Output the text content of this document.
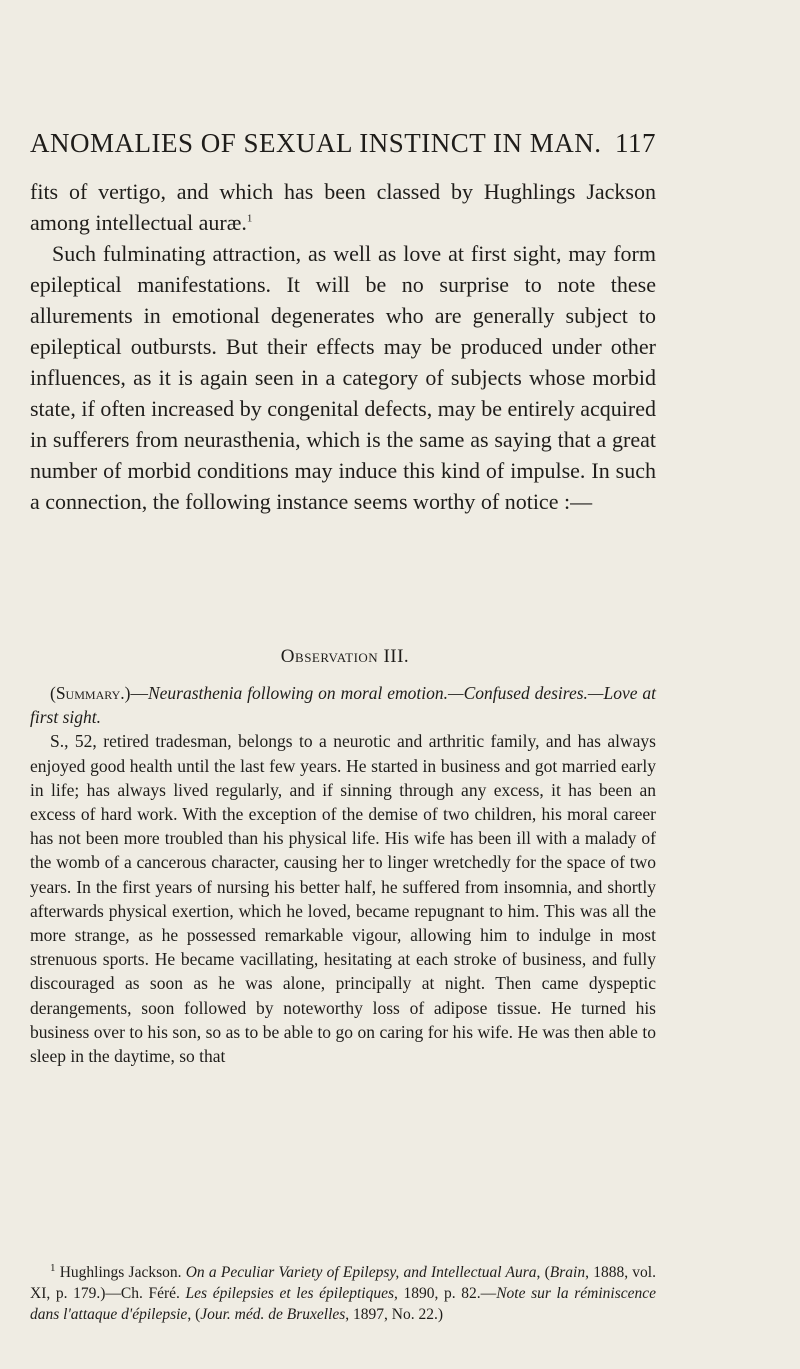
ANOMALIES OF SEXUAL INSTINCT IN MAN. 117

fits of vertigo, and which has been classed by Hughlings Jackson among intellectual auræ.$^1$

Such fulminating attraction, as well as love at first sight, may form epileptical manifestations. It will be no surprise to note these allurements in emotional degenerates who are generally subject to epileptical outbursts. But their effects may be produced under other influences, as it is again seen in a category of subjects whose morbid state, if often increased by congenital defects, may be entirely acquired in sufferers from neurasthenia, which is the same as saying that a great number of morbid conditions may induce this kind of impulse. In such a connection, the following instance seems worthy of notice :—

Observation III.

(Summary.)—Neurasthenia following on moral emotion.—Confused desires.—Love at first sight.

S., 52, retired tradesman, belongs to a neurotic and arthritic family, and has always enjoyed good health until the last few years. He started in business and got married early in life; has always lived regularly, and if sinning through any excess, it has been an excess of hard work. With the exception of the demise of two children, his moral career has not been more troubled than his physical life. His wife has been ill with a malady of the womb of a cancerous character, causing her to linger wretchedly for the space of two years. In the first years of nursing his better half, he suffered from insomnia, and shortly afterwards physical exertion, which he loved, became repugnant to him. This was all the more strange, as he possessed remarkable vigour, allowing him to indulge in most strenuous sports. He became vacillating, hesitating at each stroke of business, and fully discouraged as soon as he was alone, principally at night. Then came dyspeptic derangements, soon followed by noteworthy loss of adipose tissue. He turned his business over to his son, so as to be able to go on caring for his wife. He was then able to sleep in the daytime, so that

$^1$ Hughlings Jackson. On a Peculiar Variety of Epilepsy, and Intellectual Aura, (Brain, 1888, vol. XI, p. 179.)—Ch. Féré. Les épilepsies et les épileptiques, 1890, p. 82.—Note sur la réminiscence dans l'attaque d'épilepsie, (Jour. méd. de Bruxelles, 1897, No. 22.)
